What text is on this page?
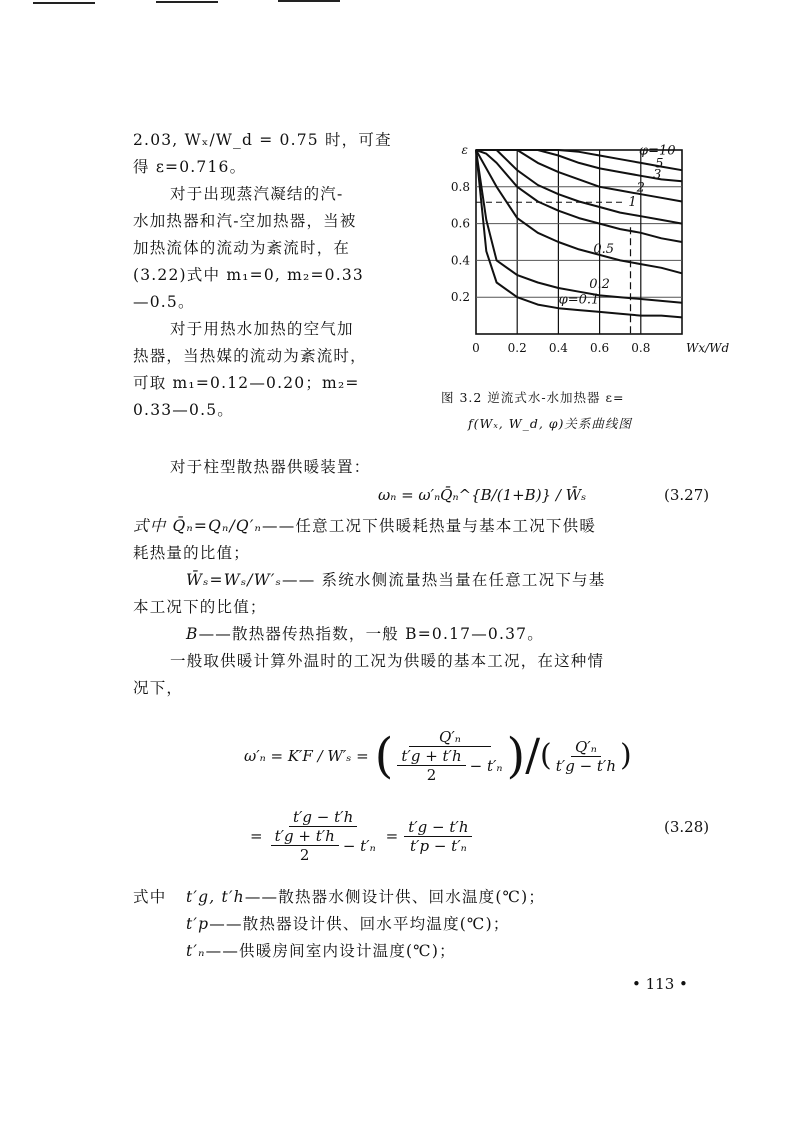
2.03, Wₓ/W_d = 0.75 时，可查
得 ε=0.716。
对于出现蒸汽凝结的汽-
水加热器和汽-空加热器，当被
加热流体的流动为紊流时，在
(3.22)式中 m₁=0, m₂=0.33
—0.5。
对于用热水加热的空气加
热器，当热媒的流动为紊流时，
可取 m₁=0.12—0.20；m₂=
0.33—0.5。
φ=10
5
3
2
1
0.5
0.2
φ=0.1
0 0.2 0.4 0.6 0.8
0.2
0.4
0.6
0.8
Wx/Wd
ε
图 3.2 逆流式水-水加热器 ε=
f(Wₓ, W_d, φ)关系曲线图
对于柱型散热器供暖装置：
ωₙ = ω′ₙQ̄ₙ^{B/(1+B)} / W̄ₛ	(3.27)
式中 Q̄ₙ=Qₙ/Q′ₙ——任意工况下供暖耗热量与基本工况下供暖
耗热量的比值；
W̄ₛ=Wₛ/W′ₛ—— 系统水侧流量热当量在任意工况下与基
本工况下的比值；
B——散热器传热指数，一般 B=0.17—0.37。
一般取供暖计算外温时的工况为供暖的基本工况，在这种情
况下，
ω′ₙ = K′F / W′ₛ = ( $\frac{\text{Q′ₙ}}{\frac{t'g + t'h}{2} - t'_n}$ ) / ( $\frac{\text{Q′ₙ}}{t'g - t'h}$ )
= $\frac{t'g - t'h}{\frac{t'g + t'h}{2} - t'_n} = \frac{t'g - t'h}{\text{t′p − t′ₙ}}$	(3.28)
式中 t′g, t′h——散热器水侧设计供、回水温度(℃)；
t′p——散热器设计供、回水平均温度(℃)；
t′ₙ——供暖房间室内设计温度(℃)；
• 113 •
